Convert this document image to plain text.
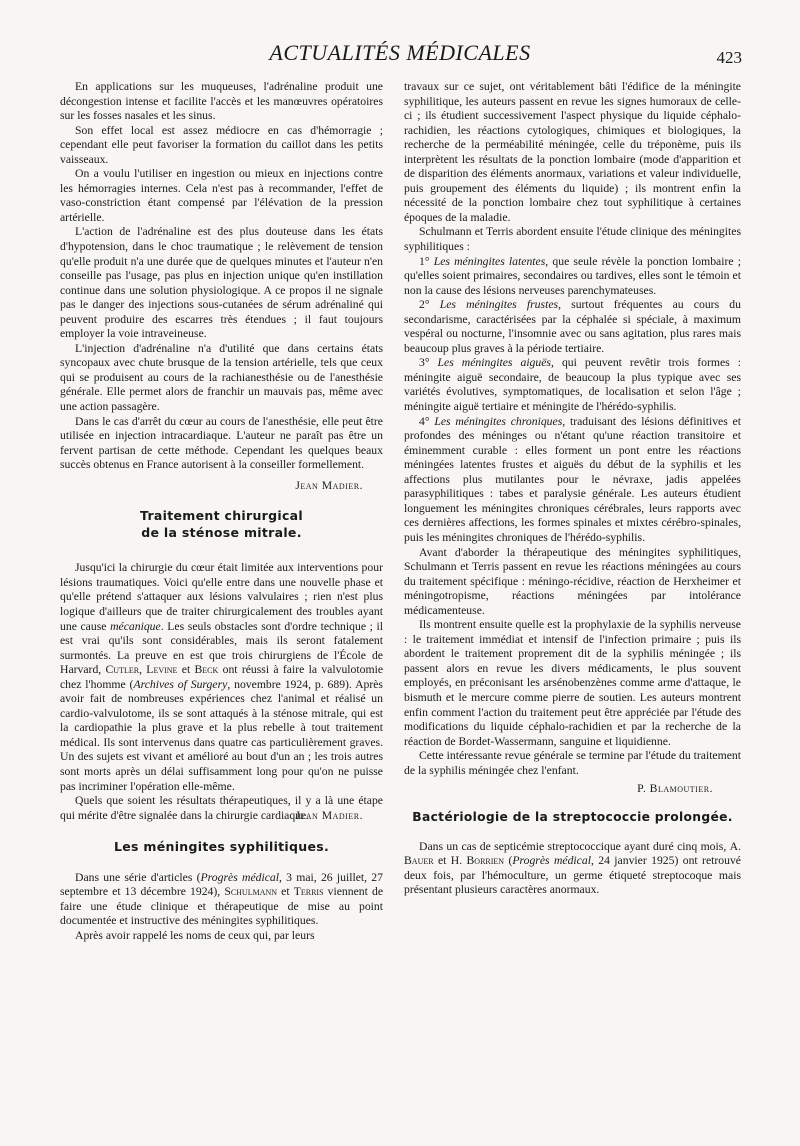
ACTUALITÉS MÉDICALES	423

En applications sur les muqueuses, l'adrénaline produit une décongestion intense et facilite l'accès et les manœuvres opératoires sur les fosses nasales et les sinus.

Son effet local est assez médiocre en cas d'hémorragie ; cependant elle peut favoriser la formation du caillot dans les petits vaisseaux.

On a voulu l'utiliser en ingestion ou mieux en injections contre les hémorragies internes. Cela n'est pas à recommander, l'effet de vaso-constriction étant compensé par l'élévation de la pression artérielle.

L'action de l'adrénaline est des plus douteuse dans les états d'hypotension, dans le choc traumatique ; le relèvement de tension qu'elle produit n'a une durée que de quelques minutes et l'auteur n'en conseille pas l'usage, pas plus en injection unique qu'en instillation continue dans une solution physiologique. A ce propos il ne signale pas le danger des injections sous-cutanées de sérum adrénaliné qui peuvent produire des escarres très étendues ; il faut toujours employer la voie intraveineuse.

L'injection d'adrénaline n'a d'utilité que dans certains états syncopaux avec chute brusque de la tension artérielle, tels que ceux qui se produisent au cours de la rachianesthésie ou de l'anesthésie générale. Elle permet alors de franchir un mauvais pas, même avec une action passagère.

Dans le cas d'arrêt du cœur au cours de l'anesthésie, elle peut être utilisée en injection intracardiaque. L'auteur ne paraît pas être un fervent partisan de cette méthode. Cependant les quelques beaux succès obtenus en France autorisent à la conseiller formellement.

Jean Madier.
Traitement chirurgical
de la sténose mitrale.

Jusqu'ici la chirurgie du cœur était limitée aux interventions pour lésions traumatiques. Voici qu'elle entre dans une nouvelle phase et qu'elle prétend s'attaquer aux lésions valvulaires ; rien n'est plus logique d'ailleurs que de traiter chirurgicalement des troubles ayant une cause mécanique. Les seuls obstacles sont d'ordre technique ; il est vrai qu'ils sont considérables, mais ils seront fatalement surmontés. La preuve en est que trois chirurgiens de l'École de Harvard, Cutler, Levine et Beck ont réussi à faire la valvulotomie chez l'homme (Archives of Surgery, novembre 1924, p. 689). Après avoir fait de nombreuses expériences chez l'animal et réalisé un cardio-valvulotome, ils se sont attaqués à la sténose mitrale, qui est la cardiopathie la plus grave et la plus rebelle à tout traitement médical. Ils sont intervenus dans quatre cas particulièrement graves. Un des sujets est vivant et amélioré au bout d'un an ; les trois autres sont morts après un délai suffisamment long pour qu'on ne puisse pas incriminer l'opération elle-même.

Quels que soient les résultats thérapeutiques, il y a là une étape qui mérite d'être signalée dans la chirurgie cardiaque.

Jean Madier.
Les méningites syphilitiques.

Dans une série d'articles (Progrès médical, 3 mai, 26 juillet, 27 septembre et 13 décembre 1924), Schulmann et Terris viennent de faire une étude clinique et thérapeutique de mise au point documentée et instructive des méningites syphilitiques.

Après avoir rappelé les noms de ceux qui, par leurs

travaux sur ce sujet, ont véritablement bâti l'édifice de la méningite syphilitique, les auteurs passent en revue les signes humoraux de celle-ci ; ils étudient successivement l'aspect physique du liquide céphalo-rachidien, les réactions cytologiques, chimiques et biologiques, la recherche de la perméabilité méningée, celle du tréponème, puis ils interprètent les résultats de la ponction lombaire (mode d'apparition et de disparition des éléments anormaux, variations et valeur individuelle, puis groupement des éléments du liquide) ; ils montrent enfin la nécessité de la ponction lombaire chez tout syphilitique à certaines époques de la maladie.

Schulmann et Terris abordent ensuite l'étude clinique des méningites syphilitiques :

1° Les méningites latentes, que seule révèle la ponction lombaire ; qu'elles soient primaires, secondaires ou tardives, elles sont le témoin et non la cause des lésions nerveuses parenchymateuses.

2° Les méningites frustes, surtout fréquentes au cours du secondarisme, caractérisées par la céphalée si spéciale, à maximum vespéral ou nocturne, l'insomnie avec ou sans agitation, plus rares mais beaucoup plus graves à la période tertiaire.

3° Les méningites aiguës, qui peuvent revêtir trois formes : méningite aiguë secondaire, de beaucoup la plus typique avec ses variétés évolutives, symptomatiques, de localisation et selon l'âge ; méningite aiguë tertiaire et méningite de l'hérédo-syphilis.

4° Les méningites chroniques, traduisant des lésions définitives et profondes des méninges ou n'étant qu'une réaction transitoire et éminemment curable : elles forment un pont entre les réactions méningées latentes frustes et aiguës du début de la syphilis et les affections plus mutilantes pour le névraxe, jadis appelées parasyphilitiques : tabes et paralysie générale. Les auteurs étudient longuement les méningites chroniques cérébrales, leurs rapports avec ces dernières affections, les formes spinales et mixtes cérébro-spinales, puis les méningites chroniques de l'hérédo-syphilis.

Avant d'aborder la thérapeutique des méningites syphilitiques, Schulmann et Terris passent en revue les réactions méningées au cours du traitement spécifique : méningo-récidive, réaction de Herxheimer et méningotropisme, réactions méningées par intolérance médicamenteuse.

Ils montrent ensuite quelle est la prophylaxie de la syphilis nerveuse : le traitement immédiat et intensif de l'infection primaire ; puis ils abordent le traitement proprement dit de la syphilis méningée ; ils passent alors en revue les divers médicaments, le plus souvent employés, en préconisant les arsénobenzènes comme arme d'attaque, le bismuth et le mercure comme pierre de soutien. Les auteurs montrent enfin comment l'action du traitement peut être appréciée par l'étude des modifications du liquide céphalo-rachidien et par la recherche de la réaction de Bordet-Wassermann, sanguine et liquidienne.

Cette intéressante revue générale se termine par l'étude du traitement de la syphilis méningée chez l'enfant.

P. Blamoutier.
Bactériologie de la streptococcie prolongée.

Dans un cas de septicémie streptococcique ayant duré cinq mois, A. Bauer et H. Borrien (Progrès médical, 24 janvier 1925) ont retrouvé deux fois, par l'hémoculture, un germe étiqueté streptocoque mais présentant plusieurs caractères anormaux.
